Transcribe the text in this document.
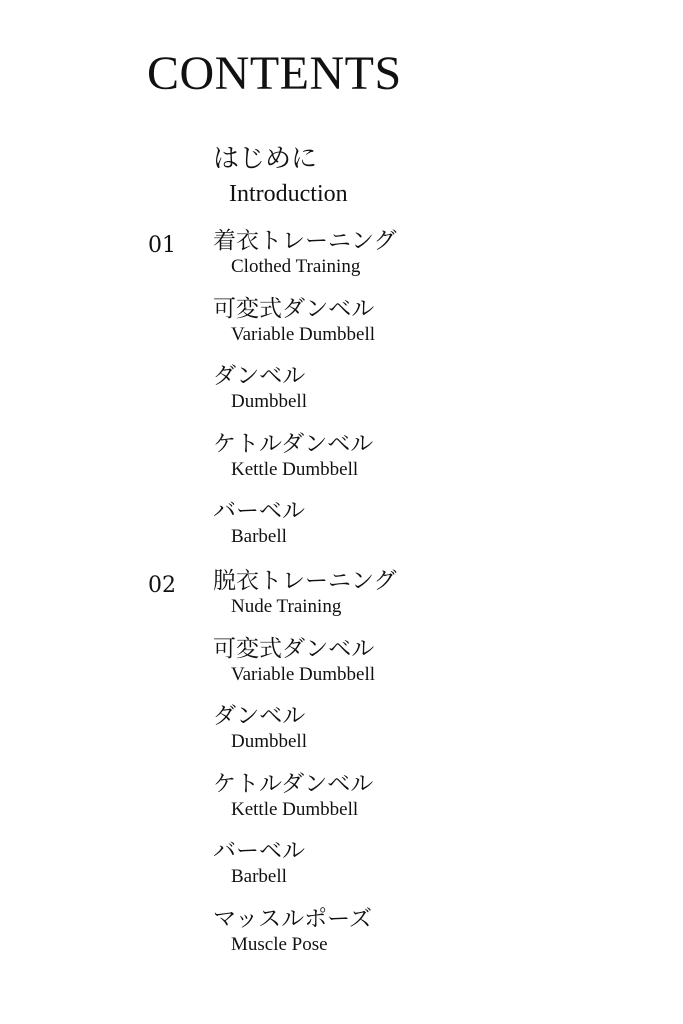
CONTENTS
はじめに
Introduction
01 着衣トレーニング
Clothed Training
可変式ダンベル
Variable Dumbbell
ダンベル
Dumbbell
ケトルダンベル
Kettle Dumbbell
バーベル
Barbell
02 脱衣トレーニング
Nude Training
可変式ダンベル
Variable Dumbbell
ダンベル
Dumbbell
ケトルダンベル
Kettle Dumbbell
バーベル
Barbell
マッスルポーズ
Muscle Pose
